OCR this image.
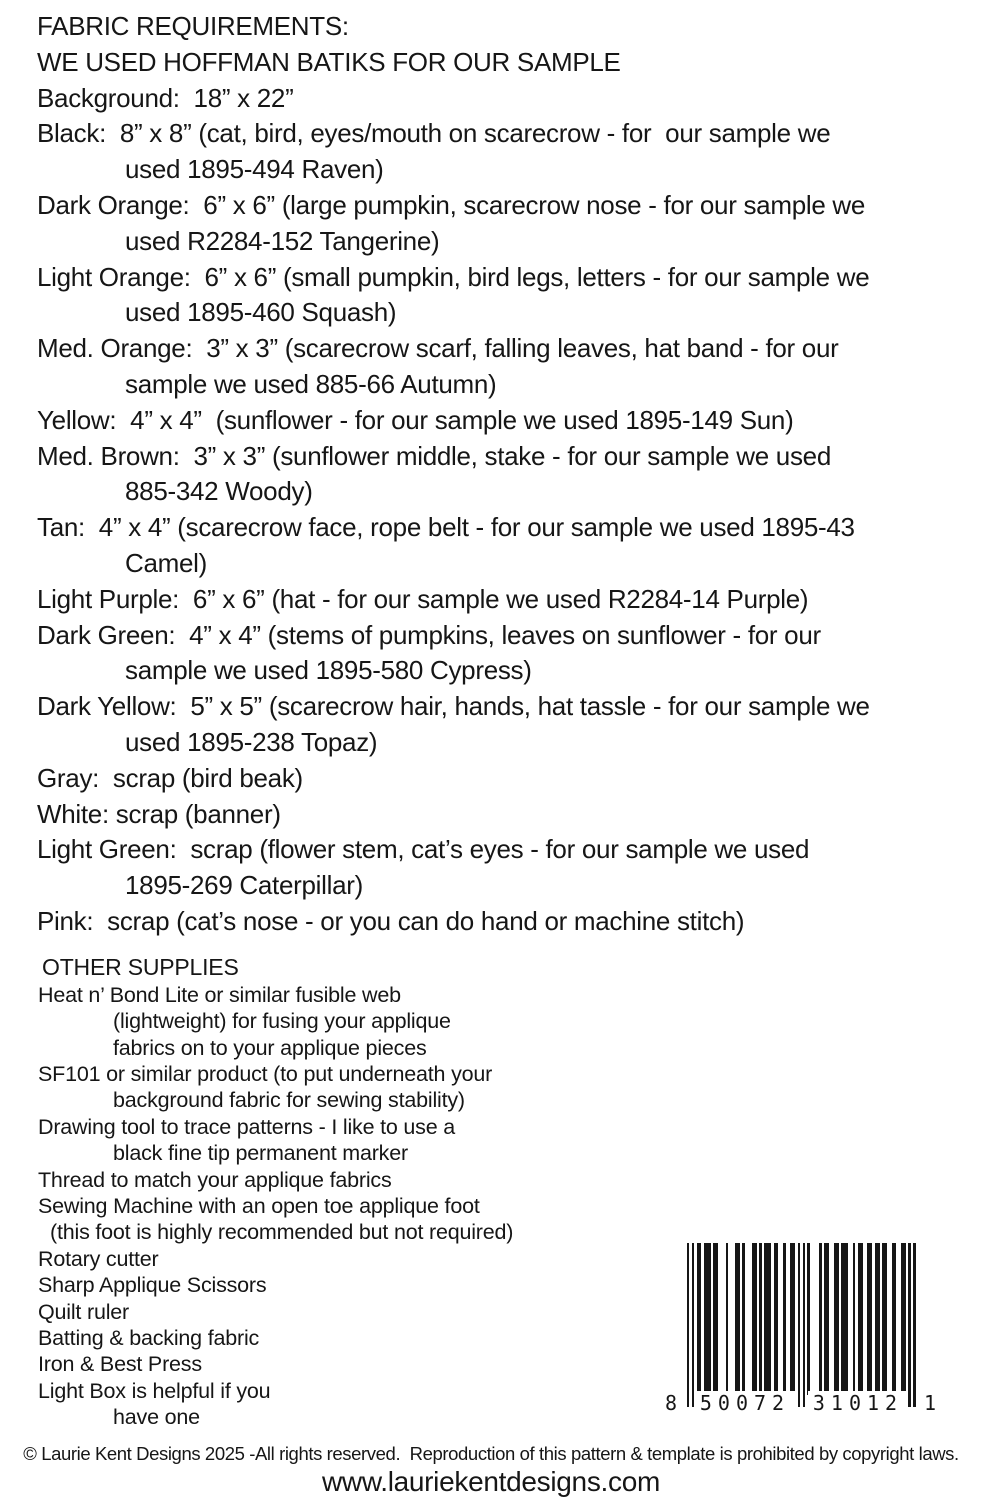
FABRIC REQUIREMENTS:
WE USED HOFFMAN BATIKS FOR OUR SAMPLE
Background:  18” x 22”
Black:  8” x 8” (cat, bird, eyes/mouth on scarecrow - for  our sample we
used 1895-494 Raven)
Dark Orange:  6” x 6” (large pumpkin, scarecrow nose - for our sample we
used R2284-152 Tangerine)
Light Orange:  6” x 6” (small pumpkin, bird legs, letters - for our sample we
used 1895-460 Squash)
Med. Orange:  3” x 3” (scarecrow scarf, falling leaves, hat band - for our
sample we used 885-66 Autumn)
Yellow:  4” x 4”  (sunflower - for our sample we used 1895-149 Sun)
Med. Brown:  3” x 3” (sunflower middle, stake - for our sample we used
885-342 Woody)
Tan:  4” x 4” (scarecrow face, rope belt - for our sample we used 1895-43
Camel)
Light Purple:  6” x 6” (hat - for our sample we used R2284-14 Purple)
Dark Green:  4” x 4” (stems of pumpkins, leaves on sunflower - for our
sample we used 1895-580 Cypress)
Dark Yellow:  5” x 5” (scarecrow hair, hands, hat tassle - for our sample we
used 1895-238 Topaz)
Gray:  scrap (bird beak)
White: scrap (banner)
Light Green:  scrap (flower stem, cat’s eyes - for our sample we used
1895-269 Caterpillar)
Pink:  scrap (cat’s nose - or you can do hand or machine stitch)
OTHER SUPPLIES
Heat n’ Bond Lite or similar fusible web
(lightweight) for fusing your applique
fabrics on to your applique pieces
SF101 or similar product (to put underneath your
background fabric for sewing stability)
Drawing tool to trace patterns - I like to use a
black fine tip permanent marker
Thread to match your applique fabrics
Sewing Machine with an open toe applique foot
(this foot is highly recommended but not required)
Rotary cutter
Sharp Applique Scissors
Quilt ruler
Batting & backing fabric
Iron & Best Press
Light Box is helpful if you
have one
8 50072 31012 1
© Laurie Kent Designs 2025 -All rights reserved.  Reproduction of this pattern & template is prohibited by copyright laws.
www.lauriekentdesigns.com
